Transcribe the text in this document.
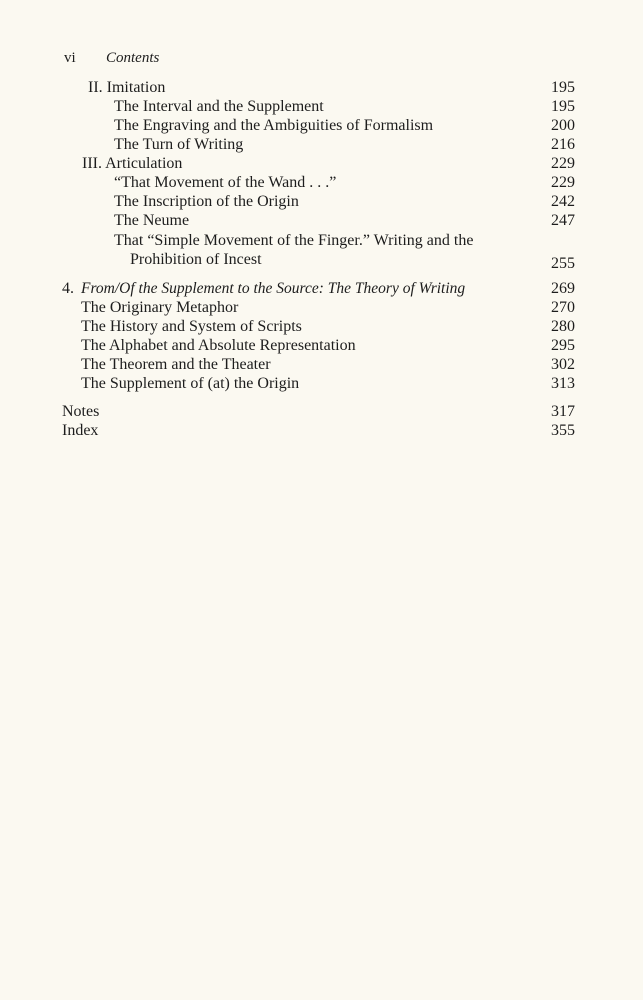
vi Contents
II. Imitation	195
The Interval and the Supplement	195
The Engraving and the Ambiguities of Formalism	200
The Turn of Writing	216
III. Articulation	229
“That Movement of the Wand . . .”	229
The Inscription of the Origin	242
The Neume	247
That “Simple Movement of the Finger.” Writing and the
Prohibition of Incest	255
4. From/Of the Supplement to the Source: The Theory of Writing	269
The Originary Metaphor	270
The History and System of Scripts	280
The Alphabet and Absolute Representation	295
The Theorem and the Theater	302
The Supplement of (at) the Origin	313
Notes	317
Index	355
